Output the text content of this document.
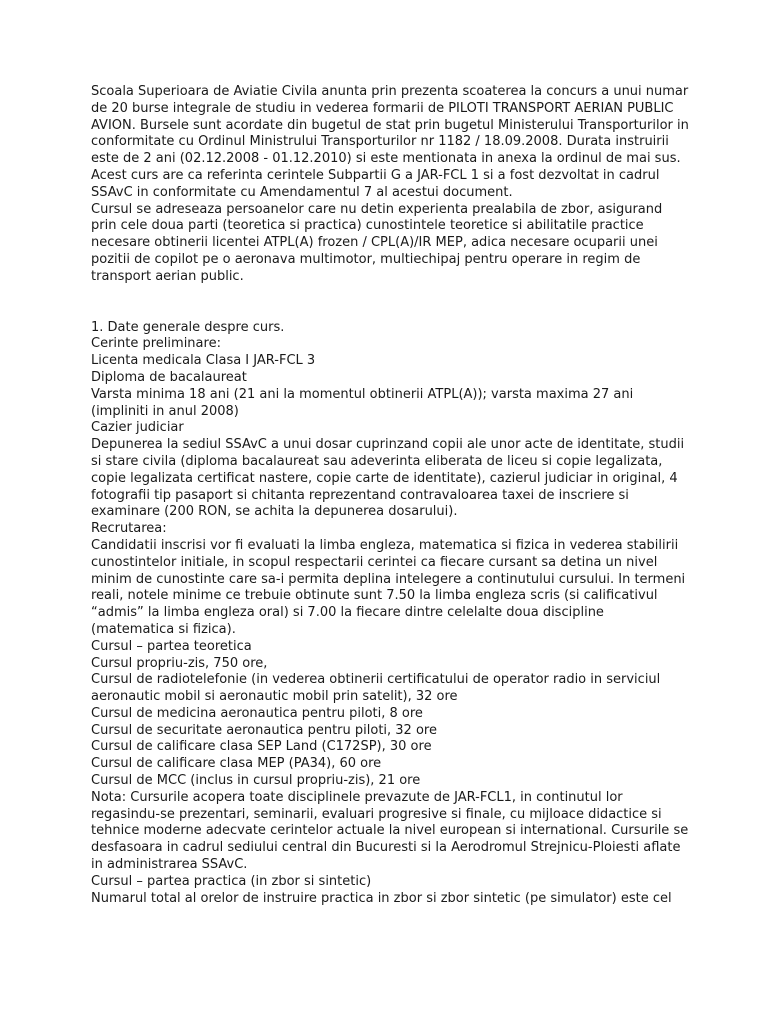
Scoala Superioara de Aviatie Civila anunta prin prezenta scoaterea la concurs a unui numar de 20 burse integrale de studiu in vederea formarii de PILOTI TRANSPORT AERIAN PUBLIC AVION. Bursele sunt acordate din bugetul de stat prin bugetul Ministerului Transporturilor in conformitate cu Ordinul Ministrului Transporturilor nr 1182 / 18.09.2008. Durata instruirii este de 2 ani (02.12.2008 - 01.12.2010) si este mentionata in anexa la ordinul de mai sus.

Acest curs are ca referinta cerintele Subpartii G a JAR-FCL 1 si a fost dezvoltat in cadrul SSAvC in conformitate cu Amendamentul 7 al acestui document.

Cursul se adreseaza persoanelor care nu detin experienta prealabila de zbor, asigurand prin cele doua parti (teoretica si practica) cunostintele teoretice si abilitatile practice necesare obtinerii licentei ATPL(A) frozen / CPL(A)/IR MEP, adica necesare ocuparii unei pozitii de copilot pe o aeronava multimotor, multiechipaj pentru operare in regim de transport aerian public.

1. Date generale despre curs.

Cerinte preliminare:

Licenta medicala Clasa I JAR-FCL 3

Diploma de bacalaureat

Varsta minima 18 ani (21 ani la momentul obtinerii ATPL(A)); varsta maxima 27 ani (impliniti in anul 2008)

Cazier judiciar

Depunerea la sediul SSAvC a unui dosar cuprinzand copii ale unor acte de identitate, studii si stare civila (diploma bacalaureat sau adeverinta eliberata de liceu si copie legalizata, copie legalizata certificat nastere, copie carte de identitate), cazierul judiciar in original, 4 fotografii tip pasaport si chitanta reprezentand contravaloarea taxei de inscriere si examinare (200 RON, se achita la depunerea dosarului).

Recrutarea:

Candidatii inscrisi vor fi evaluati la limba engleza, matematica si fizica in vederea stabilirii cunostintelor initiale, in scopul respectarii cerintei ca fiecare cursant sa detina un nivel minim de cunostinte care sa-i permita deplina intelegere a continutului cursului. In termeni reali, notele minime ce trebuie obtinute sunt 7.50 la limba engleza scris (si calificativul “admis” la limba engleza oral) si 7.00 la fiecare dintre celelalte doua discipline (matematica si fizica).

Cursul – partea teoretica

Cursul propriu-zis, 750 ore,

Cursul de radiotelefonie (in vederea obtinerii certificatului de operator radio in serviciul aeronautic mobil si aeronautic mobil prin satelit), 32 ore

Cursul de medicina aeronautica pentru piloti, 8 ore

Cursul de securitate aeronautica pentru piloti, 32 ore

Cursul de calificare clasa SEP Land (C172SP), 30 ore

Cursul de calificare clasa MEP (PA34), 60 ore

Cursul de MCC (inclus in cursul propriu-zis), 21 ore

Nota: Cursurile acopera toate disciplinele prevazute de JAR-FCL1, in continutul lor regasindu-se prezentari, seminarii, evaluari progresive si finale, cu mijloace didactice si tehnice moderne adecvate cerintelor actuale la nivel european si international. Cursurile se desfasoara in cadrul sediului central din Bucuresti si la Aerodromul Strejnicu-Ploiesti aflate in administrarea SSAvC.

Cursul – partea practica (in zbor si sintetic)

Numarul total al orelor de instruire practica in zbor si zbor sintetic (pe simulator) este cel
